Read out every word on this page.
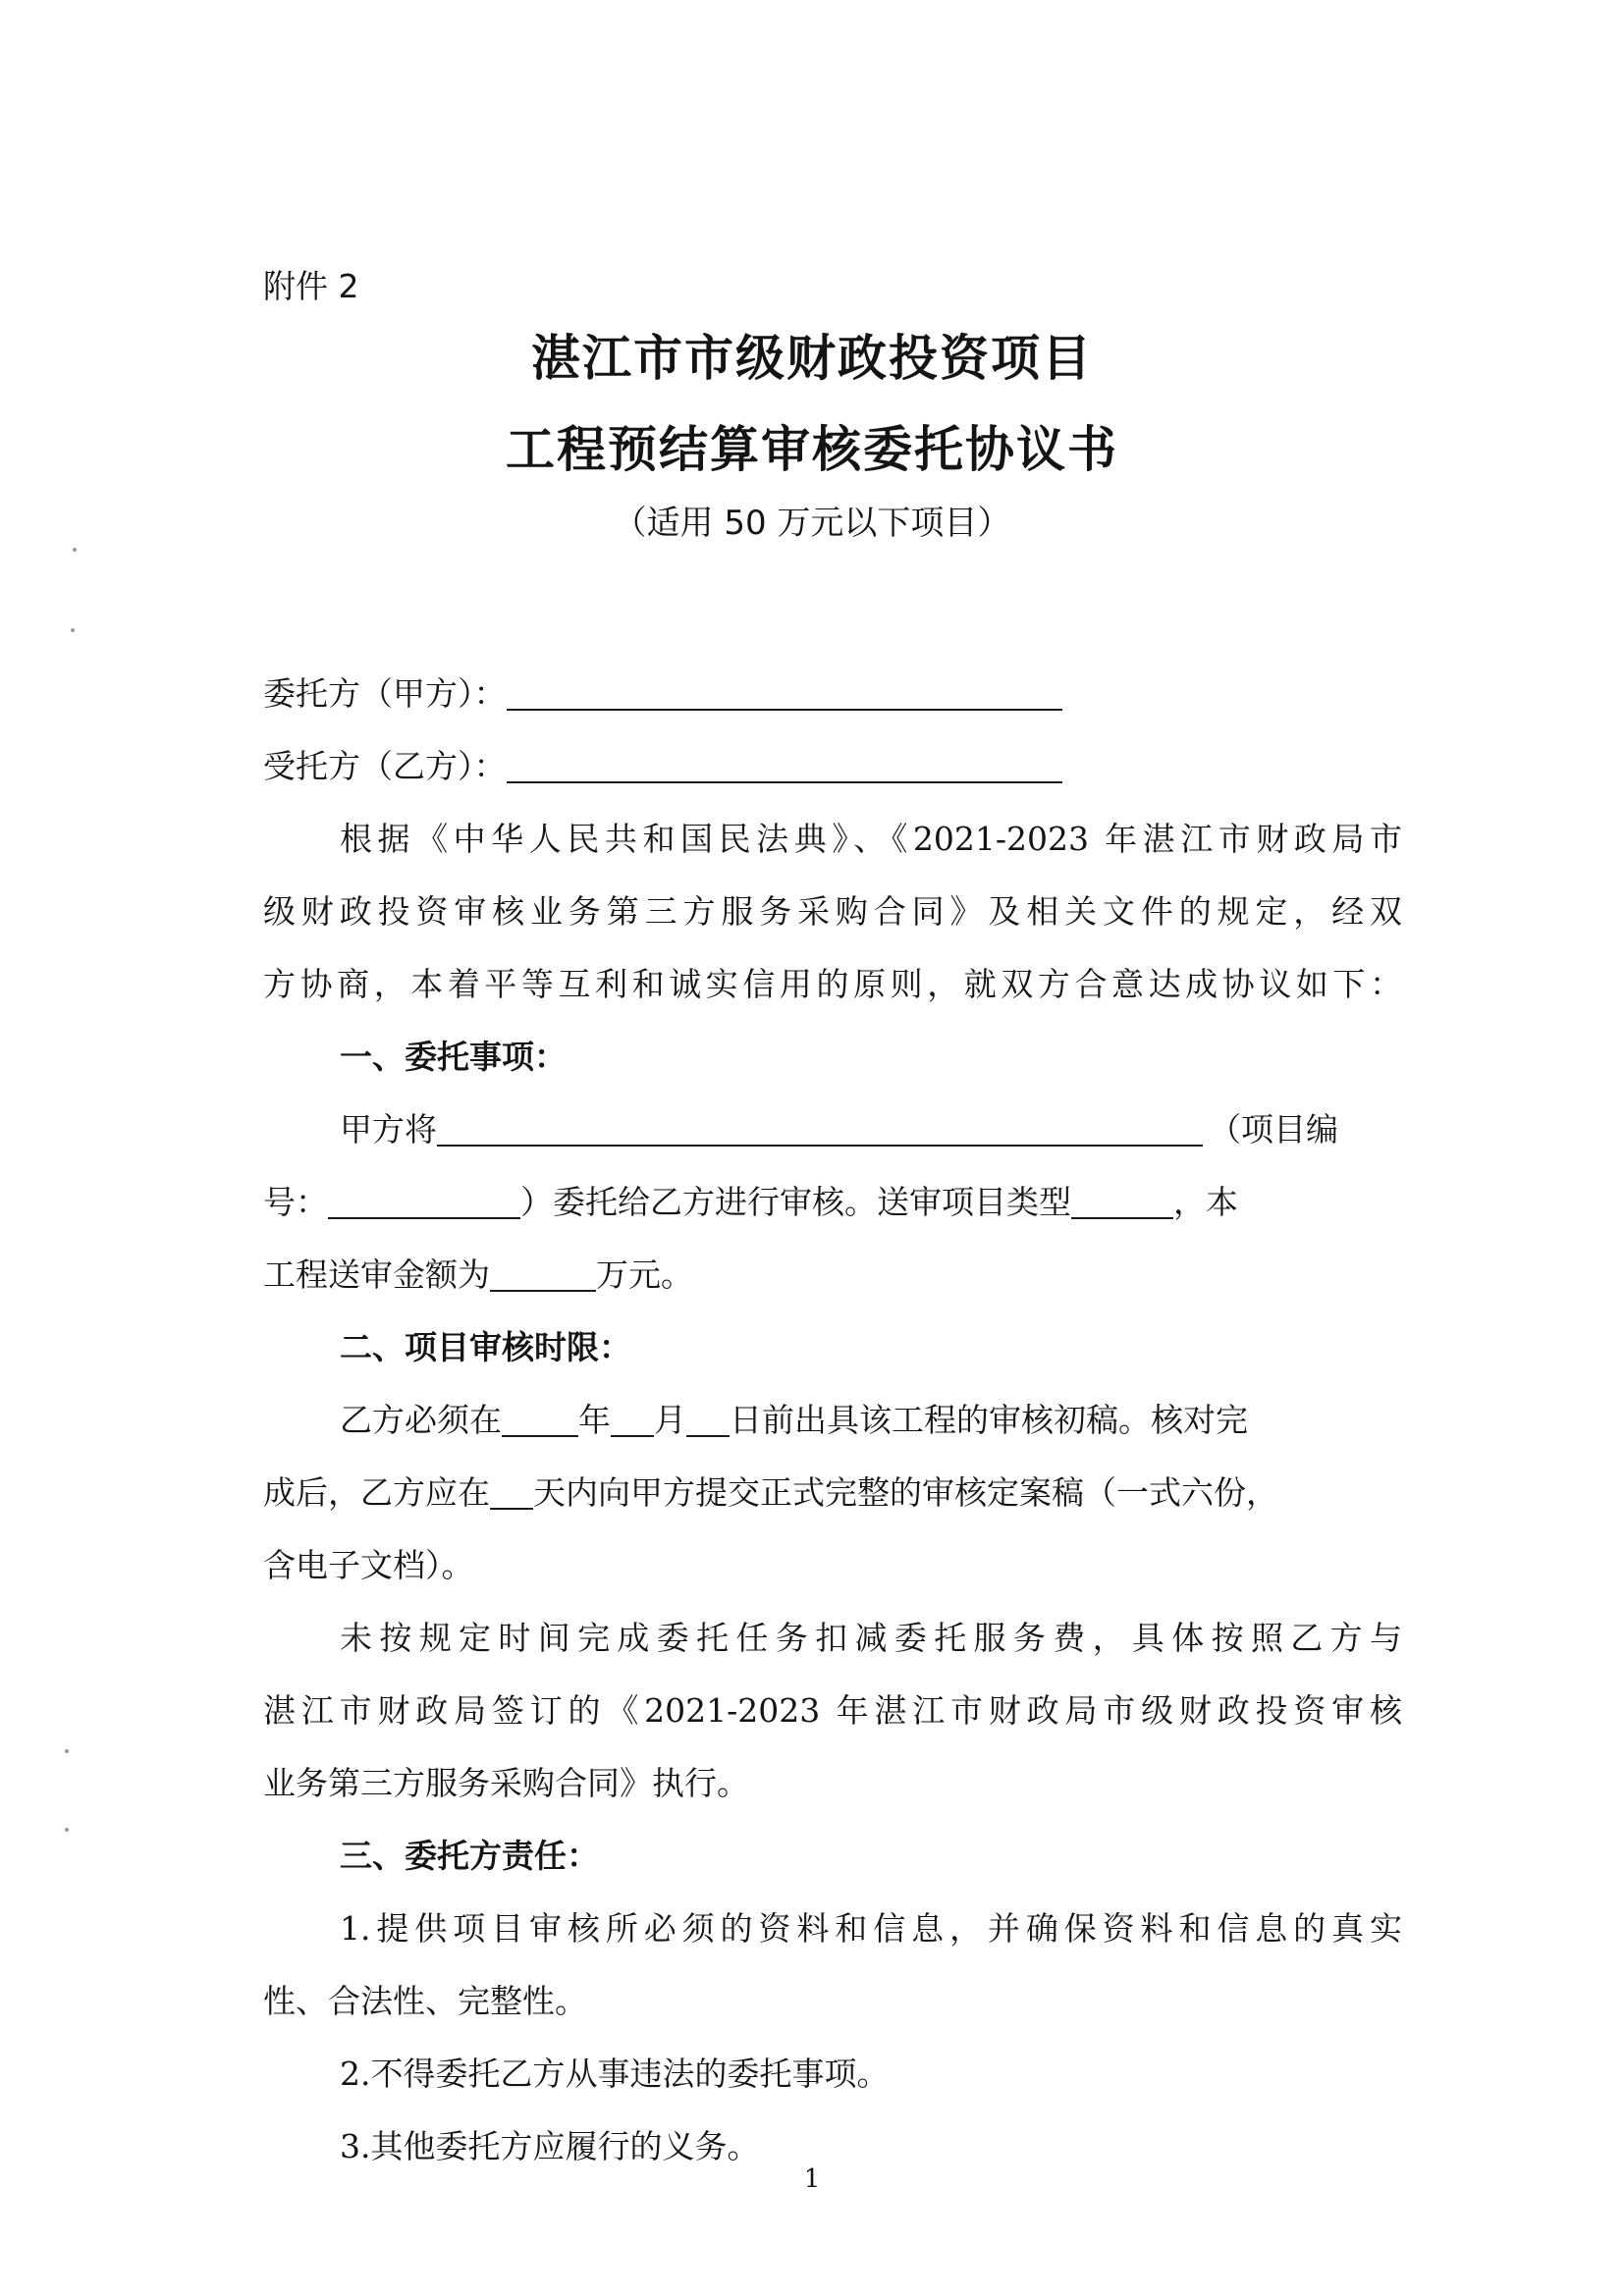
附件 2
湛江市市级财政投资项目
工程预结算审核委托协议书
（适用 50 万元以下项目）
委托方（甲方）：
受托方（乙方）：
根据《中华人民共和国民法典》、《2021-2023 年湛江市财政局市
级财政投资审核业务第三方服务采购合同》及相关文件的规定，经双
方协商，本着平等互利和诚实信用的原则，就双方合意达成协议如下：
一、委托事项：
甲方将	（项目编
号：	）委托给乙方进行审核。送审项目类型	，本
工程送审金额为	万元。
二、项目审核时限：
乙方必须在 年 月 日前出具该工程的审核初稿。核对完
成后，乙方应在 天内向甲方提交正式完整的审核定案稿（一式六份，
含电子文档）。
未按规定时间完成委托任务扣减委托服务费，具体按照乙方与
湛江市财政局签订的《2021-2023 年湛江市财政局市级财政投资审核
业务第三方服务采购合同》执行。
三、委托方责任：
1.提供项目审核所必须的资料和信息，并确保资料和信息的真实
性、合法性、完整性。
2.不得委托乙方从事违法的委托事项。
3.其他委托方应履行的义务。
1
